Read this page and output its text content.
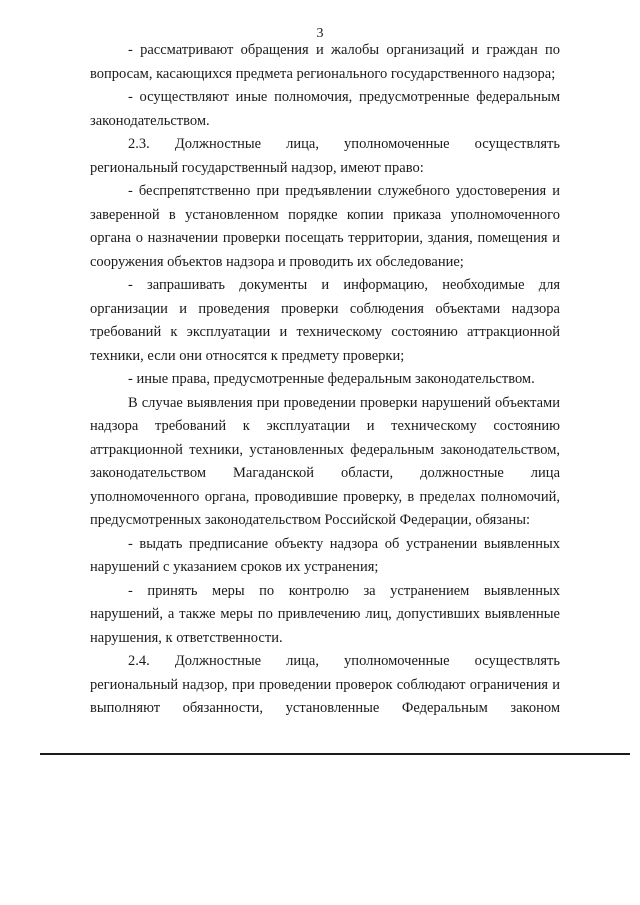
3

- рассматривают обращения и жалобы организаций и граждан по вопросам, касающихся предмета регионального государственного надзора;

- осуществляют иные полномочия, предусмотренные федеральным законодательством.

2.3. Должностные лица, уполномоченные осуществлять региональный государственный надзор, имеют право:

- беспрепятственно при предъявлении служебного удостоверения и заверенной в установленном порядке копии приказа уполномоченного органа о назначении проверки посещать территории, здания, помещения и сооружения объектов надзора и проводить их обследование;

- запрашивать документы и информацию, необходимые для организации и проведения проверки соблюдения объектами надзора требований к эксплуатации и техническому состоянию аттракционной техники, если они относятся к предмету проверки;

- иные права, предусмотренные федеральным законодательством.

В случае выявления при проведении проверки нарушений объектами надзора требований к эксплуатации и техническому состоянию аттракционной техники, установленных федеральным законодательством, законодательством Магаданской области, должностные лица уполномоченного органа, проводившие проверку, в пределах полномочий, предусмотренных законодательством Российской Федерации, обязаны:

- выдать предписание объекту надзора об устранении выявленных нарушений с указанием сроков их устранения;

- принять меры по контролю за устранением выявленных нарушений, а также меры по привлечению лиц, допустивших выявленные нарушения, к ответственности.

2.4. Должностные лица, уполномоченные осуществлять региональный надзор, при проведении проверок соблюдают ограничения и выполняют обязанности, установленные Федеральным законом
